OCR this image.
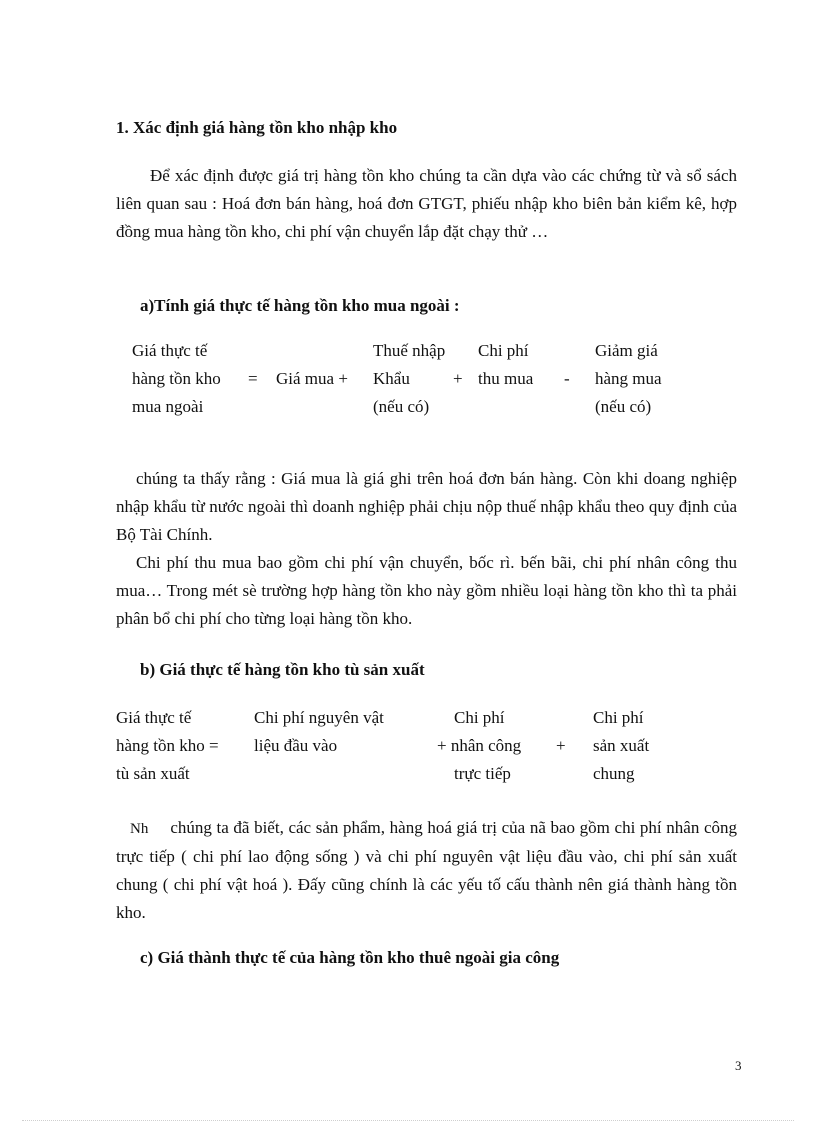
1. Xác định giá hàng tồn kho nhập kho
Để xác định được giá trị hàng tồn kho chúng ta cần dựa vào các chứng từ và sổ sách liên quan sau : Hoá đơn bán hàng, hoá đơn GTGT, phiếu nhập kho biên bản kiểm kê, hợp đồng mua hàng tồn kho, chi phí vận chuyển lắp đặt chạy thử …
a)Tính giá thực tế hàng tồn kho mua ngoài :
Giá thực tế
hàng tồn kho
mua ngoài
= Giá mua +
Thuế nhập
Khẩu
(nếu có)
+
Chi phí
thu mua -
Giảm giá
hàng mua
(nếu có)
chúng ta thấy rằng : Giá mua là giá ghi trên hoá đơn bán hàng. Còn khi doang nghiệp nhập khẩu từ nước ngoài thì doanh nghiệp phải chịu nộp thuế nhập khẩu theo quy định của Bộ Tài Chính.
Chi phí thu mua bao gồm chi phí vận chuyển, bốc rì. bến bãi, chi phí nhân công thu mua… Trong mét sè trường hợp hàng tồn kho này gồm nhiều loại hàng tồn kho thì ta phải phân bổ chi phí cho từng loại hàng tồn kho.
b) Giá thực tế hàng tồn kho tù sản xuất
Giá thực tế
hàng tồn kho =
tù sản xuất
Chi phí nguyên vật
liệu đầu vào
Chi phí
+ nhân công
trực tiếp
+
Chi phí
sản xuất
chung
Nh chúng ta đã biết, các sản phẩm, hàng hoá giá trị của nã bao gồm chi phí nhân công trực tiếp ( chi phí lao động sống ) và chi phí nguyên vật liệu đầu vào, chi phí sản xuất chung ( chi phí vật hoá ). Đấy cũng chính là các yếu tố cấu thành nên giá thành hàng tồn kho.
c) Giá thành thực tế của hàng tồn kho thuê ngoài gia công
3
